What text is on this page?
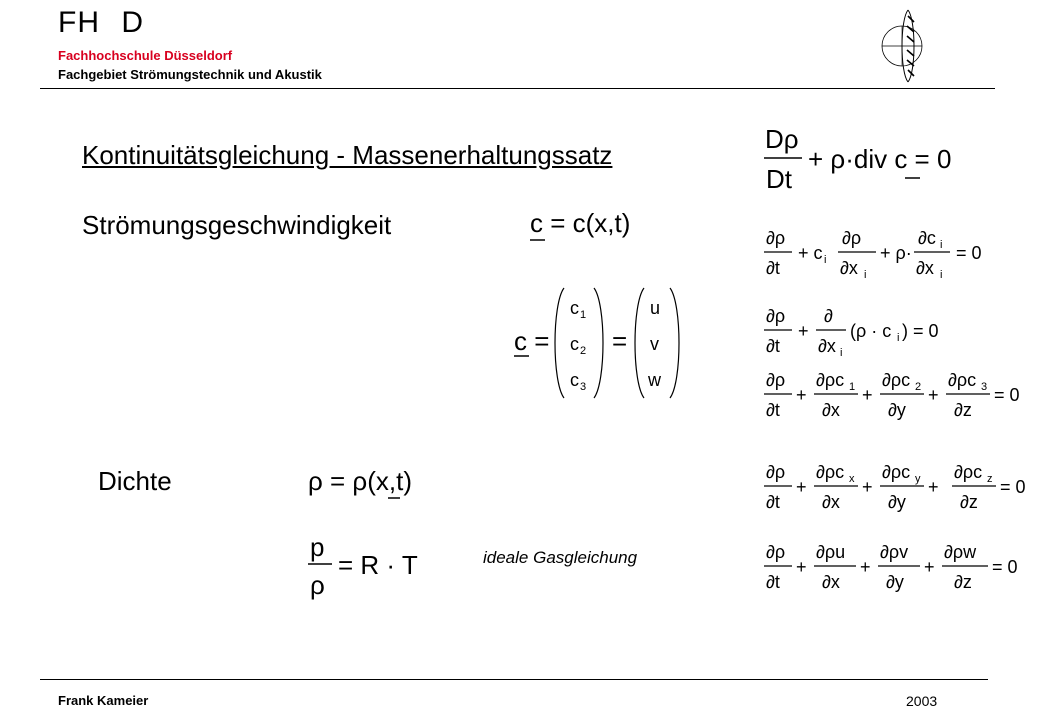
FH D
Fachhochschule Düsseldorf
Fachgebiet Strömungstechnik und Akustik
Kontinuitätsgleichung - Massenerhaltungssatz
Strömungsgeschwindigkeit
Dichte
ideale Gasgleichung
Dρ
Dt
+ ρ·div c = 0
c = c(x,t)
c =
c 1
c 2
c 3
=
u
v
w
∂ρ
∂t
+ c i
∂ρ
∂x i
+ ρ·
∂c i
∂x i
= 0
∂ρ
∂t
+
∂
∂x i
(ρ · c i ) = 0
∂ρ
∂t
+
∂ρc 1
∂x
+
∂ρc 2
∂y
+
∂ρc 3
∂z
= 0
ρ = ρ(x,t)	∂ρ
∂t
+
∂ρc x
∂x
+
∂ρc y
∂y
+
∂ρc z
∂z
= 0
p
ρ
= R · T	∂ρ
∂t
+
∂ρu
∂x
+
∂ρv
∂y
+
∂ρw
∂z
= 0
Frank Kameier	2003
